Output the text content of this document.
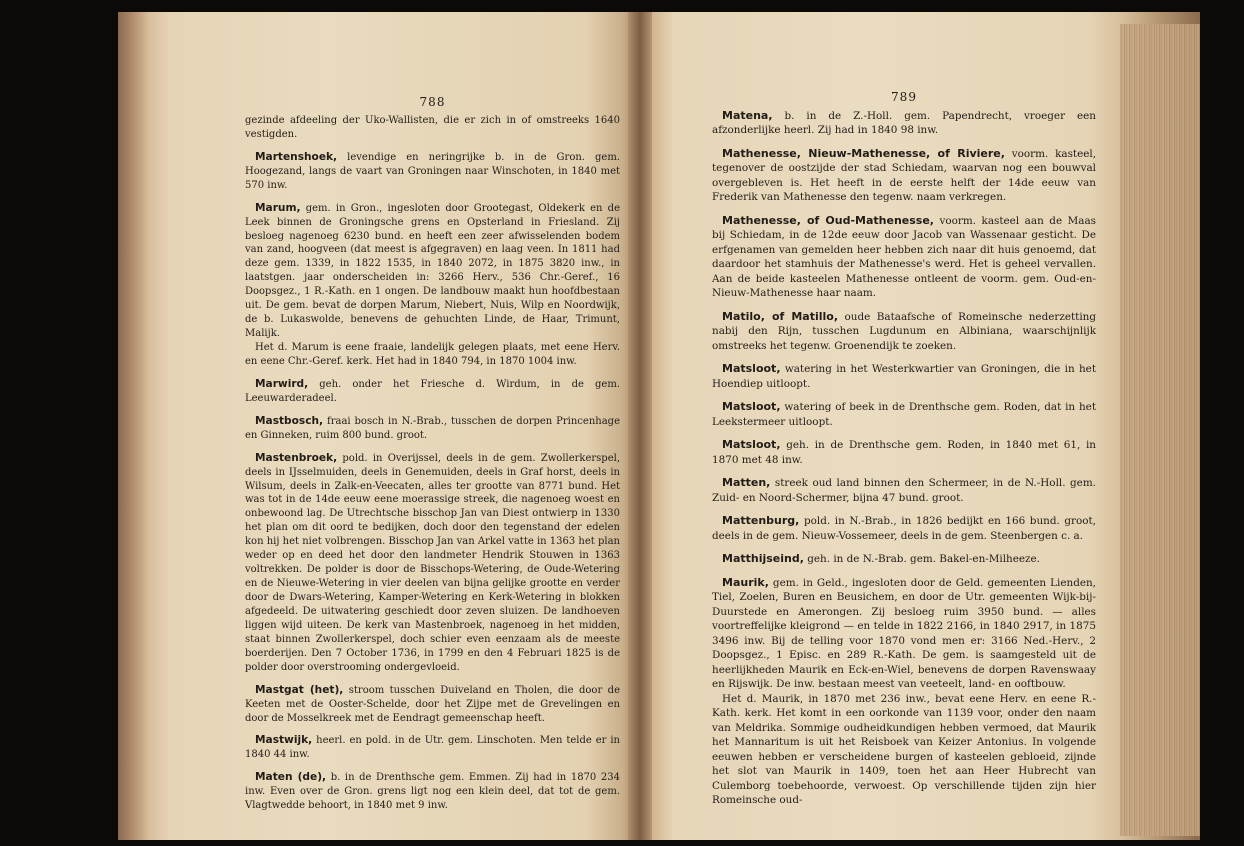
788
gezinde afdeeling der Uko-Wallisten, die er zich in of omstreeks 1640 vestigden.

Martenshoek, levendige en neringrijke b. in de Gron. gem. Hoogezand, langs de vaart van Groningen naar Winschoten, in 1840 met 570 inw.

Marum, gem. in Gron., ingesloten door Grootegast, Oldekerk en de Leek binnen de Groningsche grens en Opsterland in Friesland. Zij besloeg nagenoeg 6230 bund. en heeft een zeer afwisselenden bodem van zand, hoogveen (dat meest is afgegraven) en laag veen. In 1811 had deze gem. 1339, in 1822 1535, in 1840 2072, in 1875 3820 inw., in laatstgen. jaar onderscheiden in: 3266 Herv., 536 Chr.-Geref., 16 Doopsgez., 1 R.-Kath. en 1 ongen. De landbouw maakt hun hoofdbestaan uit. De gem. bevat de dorpen Marum, Niebert, Nuis, Wilp en Noordwijk, de b. Lukaswolde, benevens de gehuchten Linde, de Haar, Trimunt, Malijk.

Het d. Marum is eene fraaie, landelijk gelegen plaats, met eene Herv. en eene Chr.-Geref. kerk. Het had in 1840 794, in 1870 1004 inw.

Marwird, geh. onder het Friesche d. Wirdum, in de gem. Leeuwarderadeel.

Mastbosch, fraai bosch in N.-Brab., tusschen de dorpen Princenhage en Ginneken, ruim 800 bund. groot.

Mastenbroek, pold. in Overijssel, deels in de gem. Zwollerkerspel, deels in IJsselmuiden, deels in Genemuiden, deels in Graf horst, deels in Wilsum, deels in Zalk-en-Veecaten, alles ter grootte van 8771 bund. Het was tot in de 14de eeuw eene moerassige streek, die nagenoeg woest en onbewoond lag. De Utrechtsche bisschop Jan van Diest ontwierp in 1330 het plan om dit oord te bedijken, doch door den tegenstand der edelen kon hij het niet volbrengen. Bisschop Jan van Arkel vatte in 1363 het plan weder op en deed het door den landmeter Hendrik Stouwen in 1363 voltrekken. De polder is door de Bisschops-Wetering, de Oude-Wetering en de Nieuwe-Wetering in vier deelen van bijna gelijke grootte en verder door de Dwars-Wetering, Kamper-Wetering en Kerk-Wetering in blokken afgedeeld. De uitwatering geschiedt door zeven sluizen. De landhoeven liggen wijd uiteen. De kerk van Mastenbroek, nagenoeg in het midden, staat binnen Zwollerkerspel, doch schier even eenzaam als de meeste boerderijen. Den 7 October 1736, in 1799 en den 4 Februari 1825 is de polder door overstrooming ondergevloeid.

Mastgat (het), stroom tusschen Duiveland en Tholen, die door de Keeten met de Ooster-Schelde, door het Zijpe met de Grevelingen en door de Mosselkreek met de Eendragt gemeenschap heeft.

Mastwijk, heerl. en pold. in de Utr. gem. Linschoten. Men telde er in 1840 44 inw.

Maten (de), b. in de Drenthsche gem. Emmen. Zij had in 1870 234 inw. Even over de Gron. grens ligt nog een klein deel, dat tot de gem. Vlagtwedde behoort, in 1840 met 9 inw.

789

Matena, b. in de Z.-Holl. gem. Papendrecht, vroeger een afzonderlijke heerl. Zij had in 1840 98 inw.

Mathenesse, Nieuw-Mathenesse, of Riviere, voorm. kasteel, tegenover de oostzijde der stad Schiedam, waarvan nog een bouwval overgebleven is. Het heeft in de eerste helft der 14de eeuw van Frederik van Mathenesse den tegenw. naam verkregen.

Mathenesse, of Oud-Mathenesse, voorm. kasteel aan de Maas bij Schiedam, in de 12de eeuw door Jacob van Wassenaar gesticht. De erfgenamen van gemelden heer hebben zich naar dit huis genoemd, dat daardoor het stamhuis der Mathenesse's werd. Het is geheel vervallen. Aan de beide kasteelen Mathenesse ontleent de voorm. gem. Oud-en-Nieuw-Mathenesse haar naam.

Matilo, of Matillo, oude Bataafsche of Romeinsche nederzetting nabij den Rijn, tusschen Lugdunum en Albiniana, waarschijnlijk omstreeks het tegenw. Groenendijk te zoeken.

Matsloot, watering in het Westerkwartier van Groningen, die in het Hoendiep uitloopt.

Matsloot, watering of beek in de Drenthsche gem. Roden, dat in het Leekstermeer uitloopt.

Matsloot, geh. in de Drenthsche gem. Roden, in 1840 met 61, in 1870 met 48 inw.

Matten, streek oud land binnen den Schermeer, in de N.-Holl. gem. Zuid- en Noord-Schermer, bijna 47 bund. groot.

Mattenburg, pold. in N.-Brab., in 1826 bedijkt en 166 bund. groot, deels in de gem. Nieuw-Vossemeer, deels in de gem. Steenbergen c. a.

Matthijseind, geh. in de N.-Brab. gem. Bakel-en-Milheeze.

Maurik, gem. in Geld., ingesloten door de Geld. gemeenten Lienden, Tiel, Zoelen, Buren en Beusichem, en door de Utr. gemeenten Wijk-bij-Duurstede en Amerongen. Zij besloeg ruim 3950 bund. — alles voortreffelijke kleigrond — en telde in 1822 2166, in 1840 2917, in 1875 3496 inw. Bij de telling voor 1870 vond men er: 3166 Ned.-Herv., 2 Doopsgez., 1 Episc. en 289 R.-Kath. De gem. is saamgesteld uit de heerlijkheden Maurik en Eck-en-Wiel, benevens de dorpen Ravenswaay en Rijswijk. De inw. bestaan meest van veeteelt, land- en ooftbouw.

Het d. Maurik, in 1870 met 236 inw., bevat eene Herv. en eene R.-Kath. kerk. Het komt in een oorkonde van 1139 voor, onder den naam van Meldrika. Sommige oudheidkundigen hebben vermoed, dat Maurik het Mannaritum is uit het Reisboek van Keizer Antonius. In volgende eeuwen hebben er verscheidene burgen of kasteelen gebloeid, zijnde het slot van Maurik in 1409, toen het aan Heer Hubrecht van Culemborg toebehoorde, verwoest. Op verschillende tijden zijn hier Romeinsche oud-
